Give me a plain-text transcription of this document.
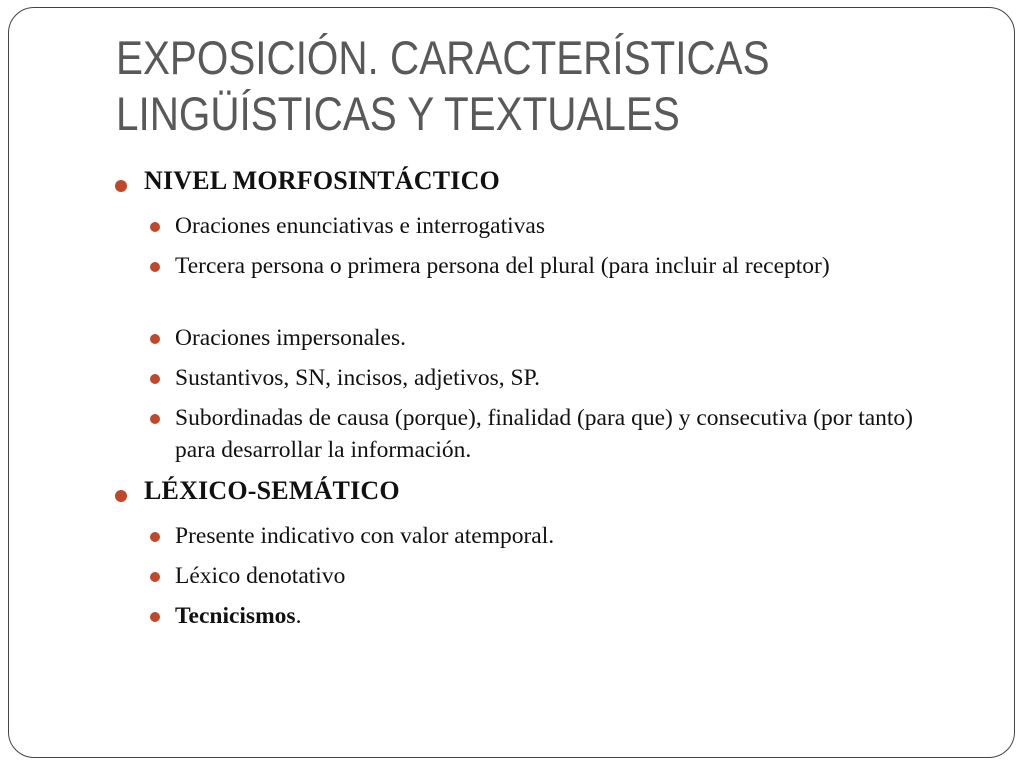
EXPOSICIÓN. CARACTERÍSTICAS
LINGÜÍSTICAS Y TEXTUALES
NIVEL MORFOSINTÁCTICO
Oraciones enunciativas e interrogativas
Tercera persona o primera persona del plural (para incluir al receptor)
Oraciones impersonales.
Sustantivos, SN, incisos, adjetivos, SP.
Subordinadas de causa (porque), finalidad (para que) y consecutiva (por tanto) para desarrollar la información.
LÉXICO-SEMÁTICO
Presente indicativo con valor atemporal.
Léxico denotativo
Tecnicismos.
